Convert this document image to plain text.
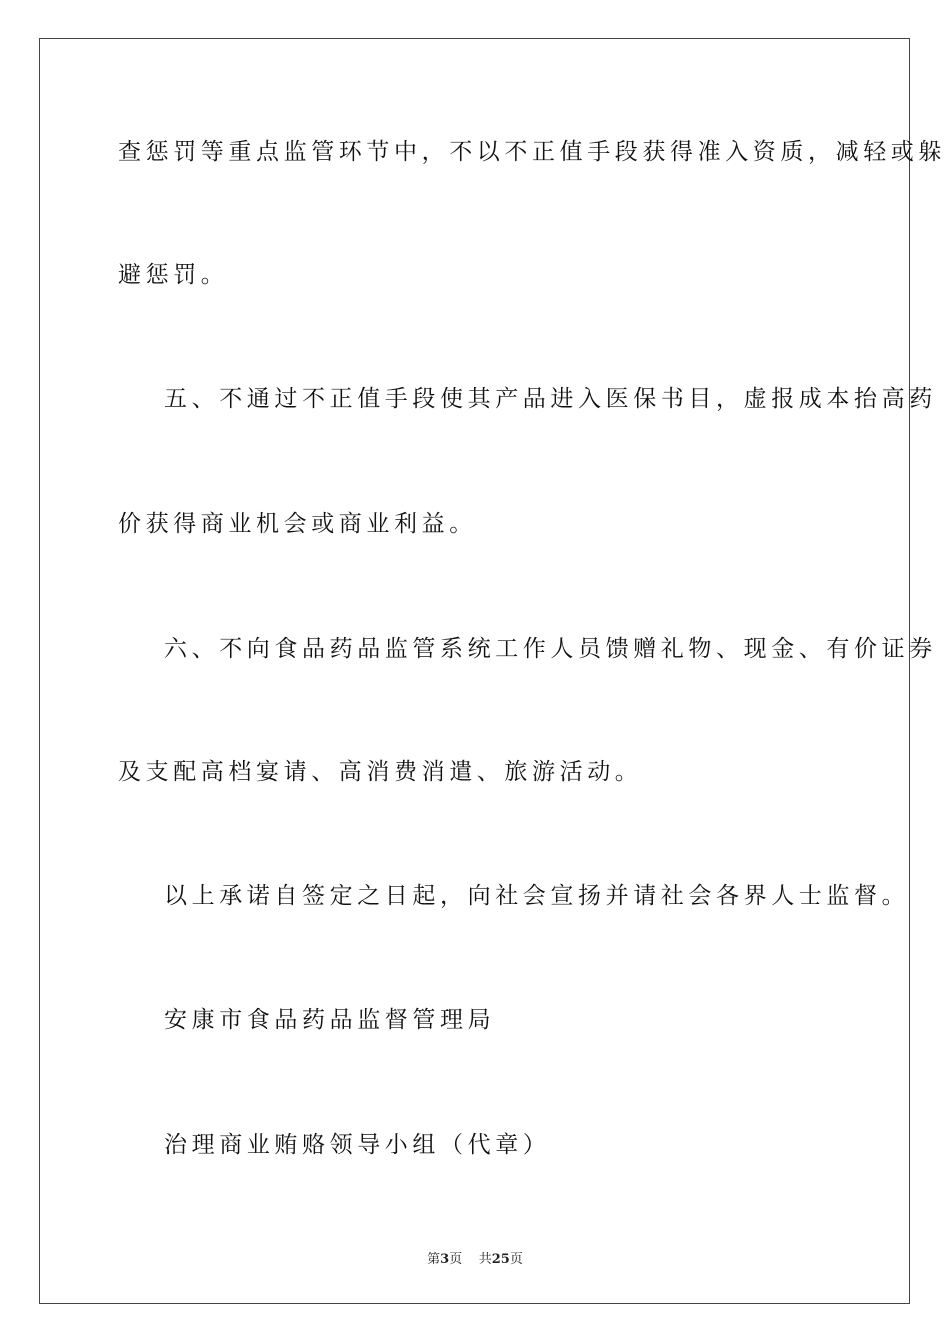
查惩罚等重点监管环节中，不以不正值手段获得准入资质，减轻或躲
避惩罚。
五、不通过不正值手段使其产品进入医保书目，虚报成本抬高药
价获得商业机会或商业利益。
六、不向食品药品监管系统工作人员馈赠礼物、现金、有价证券
及支配高档宴请、高消费消遣、旅游活动。
以上承诺自签定之日起，向社会宣扬并请社会各界人士监督。
安康市食品药品监督管理局
治理商业贿赂领导小组（代章）
第3页 共25页
